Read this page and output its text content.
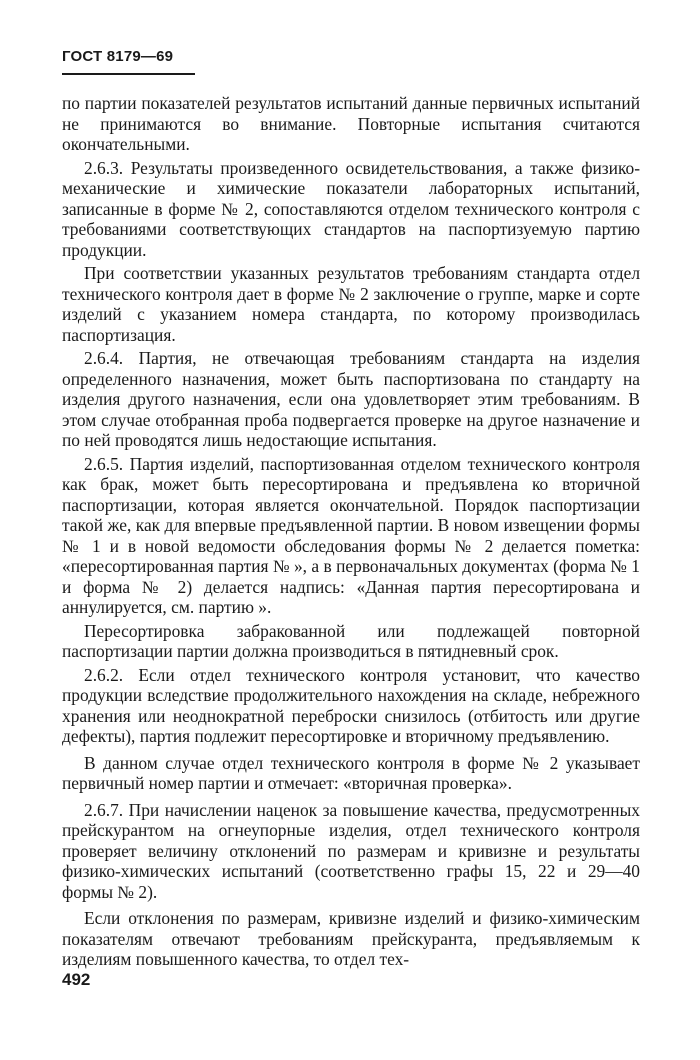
ГОСТ 8179—69

по партии показателей результатов испытаний данные первичных испытаний не принимаются во внимание. Повторные испытания считаются окончательными.

2.6.3. Результаты произведенного освидетельствования, а также физико-механические и химические показатели лабораторных испытаний, записанные в форме № 2, сопоставляются отделом технического контроля с требованиями соответствующих стандартов на паспортизуемую партию продукции.

При соответствии указанных результатов требованиям стандарта отдел технического контроля дает в форме № 2 заключение о группе, марке и сорте изделий с указанием номера стандарта, по которому производилась паспортизация.

2.6.4. Партия, не отвечающая требованиям стандарта на изделия определенного назначения, может быть паспортизована по стандарту на изделия другого назначения, если она удовлетворяет этим требованиям. В этом случае отобранная проба подвергается проверке на другое назначение и по ней проводятся лишь недостающие испытания.

2.6.5. Партия изделий, паспортизованная отделом технического контроля как брак, может быть пересортирована и предъявлена ко вторичной паспортизации, которая является окончательной. Порядок паспортизации такой же, как для впервые предъявленной партии. В новом извещении формы № 1 и в новой ведомости обследования формы № 2 делается пометка: «пересортированная партия № », а в первоначальных документах (форма № 1 и форма № 2) делается надпись: «Данная партия пересортирована и аннулируется, см. партию ».

Пересортировка забракованной или подлежащей повторной паспортизации партии должна производиться в пятидневный срок.

2.6.2. Если отдел технического контроля установит, что качество продукции вследствие продолжительного нахождения на складе, небрежного хранения или неоднократной переброски снизилось (отбитость или другие дефекты), партия подлежит пересортировке и вторичному предъявлению.

В данном случае отдел технического контроля в форме № 2 указывает первичный номер партии и отмечает: «вторичная проверка».

2.6.7. При начислении наценок за повышение качества, предусмотренных прейскурантом на огнеупорные изделия, отдел технического контроля проверяет величину отклонений по размерам и кривизне и результаты физико-химических испытаний (соответственно графы 15, 22 и 29—40 формы № 2).

Если отклонения по размерам, кривизне изделий и физико-химическим показателям отвечают требованиям прейскуранта, предъявляемым к изделиям повышенного качества, то отдел тех-

492
